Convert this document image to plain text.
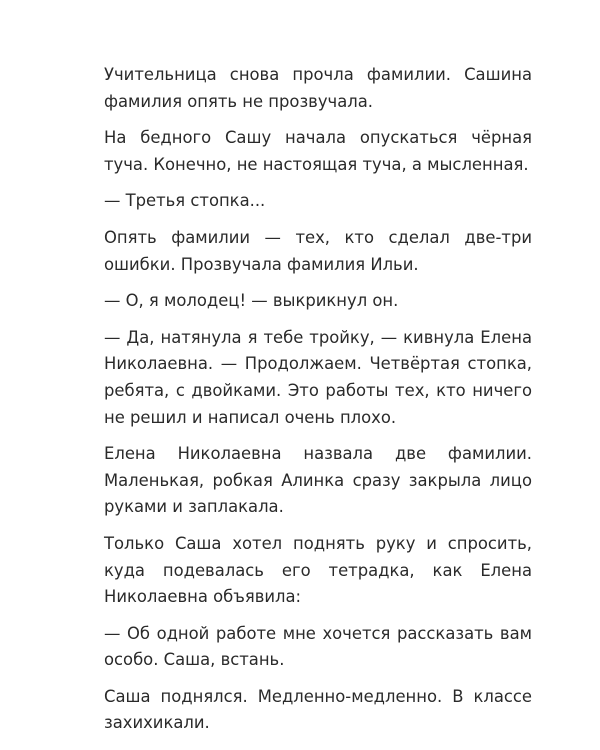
Учительница снова прочла фамилии. Сашина фамилия опять не прозвучала.

На бедного Сашу начала опускаться чёрная туча. Конечно, не настоящая туча, а мысленная.

— Третья стопка...

Опять фамилии — тех, кто сделал две-три ошибки. Прозвучала фамилия Ильи.

— О, я молодец! — выкрикнул он.

— Да, натянула я тебе тройку, — кивнула Елена Николаевна. — Продолжаем. Четвёртая стопка, ребята, с двойками. Это работы тех, кто ничего не решил и написал очень плохо.

Елена Николаевна назвала две фамилии. Маленькая, робкая Алинка сразу закрыла лицо руками и заплакала.

Только Саша хотел поднять руку и спросить, куда подевалась его тетрадка, как Елена Николаевна объявила:

— Об одной работе мне хочется рассказать вам особо. Саша, встань.

Саша поднялся. Медленно-медленно. В классе захихикали.
